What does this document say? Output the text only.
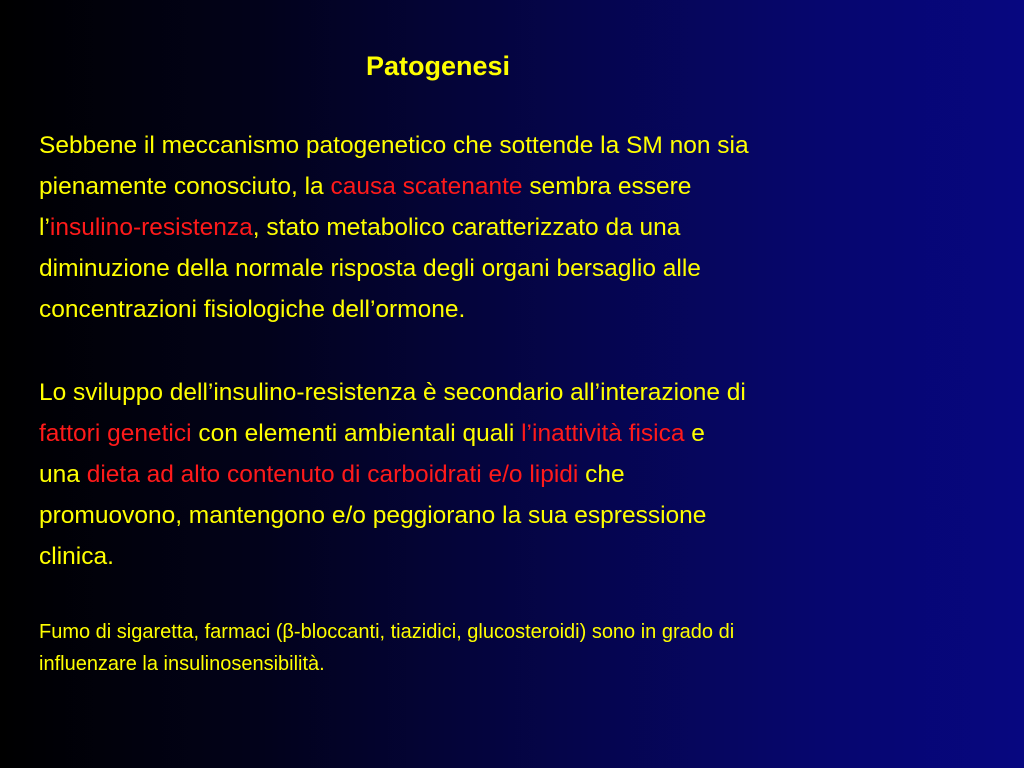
Patogenesi
Sebbene il meccanismo patogenetico che sottende la SM non sia
pienamente conosciuto, la causa scatenante sembra essere
l’insulino-resistenza, stato metabolico caratterizzato da una
diminuzione della normale risposta degli organi bersaglio alle
concentrazioni fisiologiche dell’ormone.
Lo sviluppo dell’insulino-resistenza è secondario all’interazione di
fattori genetici con elementi ambientali quali l’inattività fisica e
una dieta ad alto contenuto di carboidrati e/o lipidi che
promuovono, mantengono e/o peggiorano la sua espressione
clinica.
Fumo di sigaretta, farmaci (β-bloccanti, tiazidici, glucosteroidi) sono in grado di
influenzare la insulinosensibilità.
